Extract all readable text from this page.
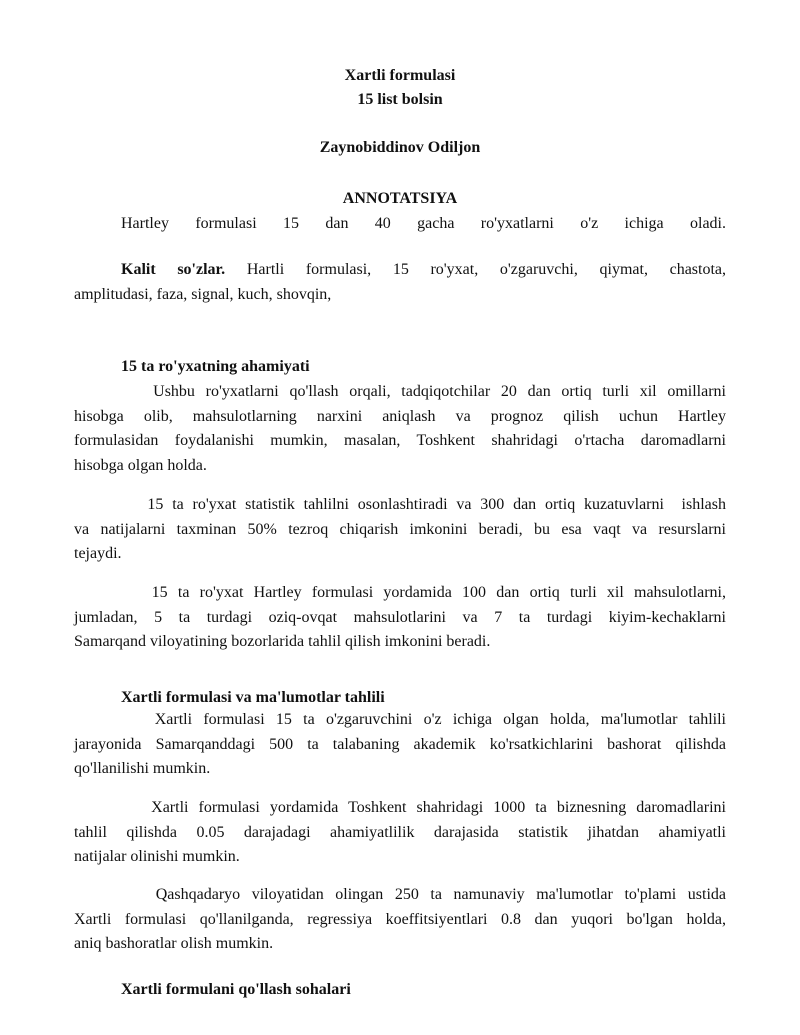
Xartli formulasi
15 list bolsin
Zaynobiddinov Odiljon
ANNOTATSIYA
Hartley formulasi 15 dan 40 gacha ro'yxatlarni o'z ichiga oladi.
Kalit so'zlar. Hartli formulasi, 15 ro'yxat, o'zgaruvchi, qiymat, chastota,
amplitudasi, faza, signal, kuch, shovqin,
15 ta ro'yxatning ahamiyati
Ushbu ro'yxatlarni qo'llash orqali, tadqiqotchilar 20 dan ortiq turli xil omillarni
hisobga olib, mahsulotlarning narxini aniqlash va prognoz qilish uchun Hartley
formulasidan foydalanishi mumkin, masalan, Toshkent shahridagi o'rtacha daromadlarni
hisobga olgan holda.
15 ta ro'yxat statistik tahlilni osonlashtiradi va 300 dan ortiq kuzatuvlarni  ishlash
va natijalarni taxminan 50% tezroq chiqarish imkonini beradi, bu esa vaqt va resurslarni
tejaydi.
15 ta ro'yxat Hartley formulasi yordamida 100 dan ortiq turli xil mahsulotlarni,
jumladan, 5 ta turdagi oziq-ovqat mahsulotlarini va 7 ta turdagi kiyim-kechaklarni
Samarqand viloyatining bozorlarida tahlil qilish imkonini beradi.
Xartli formulasi va ma'lumotlar tahlili
Xartli formulasi 15 ta o'zgaruvchini o'z ichiga olgan holda, ma'lumotlar tahlili
jarayonida Samarqanddagi 500 ta talabaning akademik ko'rsatkichlarini bashorat qilishda
qo'llanilishi mumkin.
Xartli formulasi yordamida Toshkent shahridagi 1000 ta biznesning daromadlarini
tahlil qilishda 0.05 darajadagi ahamiyatlilik darajasida statistik jihatdan ahamiyatli
natijalar olinishi mumkin.
Qashqadaryo viloyatidan olingan 250 ta namunaviy ma'lumotlar to'plami ustida
Xartli formulasi qo'llanilganda, regressiya koeffitsiyentlari 0.8 dan yuqori bo'lgan holda,
aniq bashoratlar olish mumkin.
Xartli formulani qo'llash sohalari
